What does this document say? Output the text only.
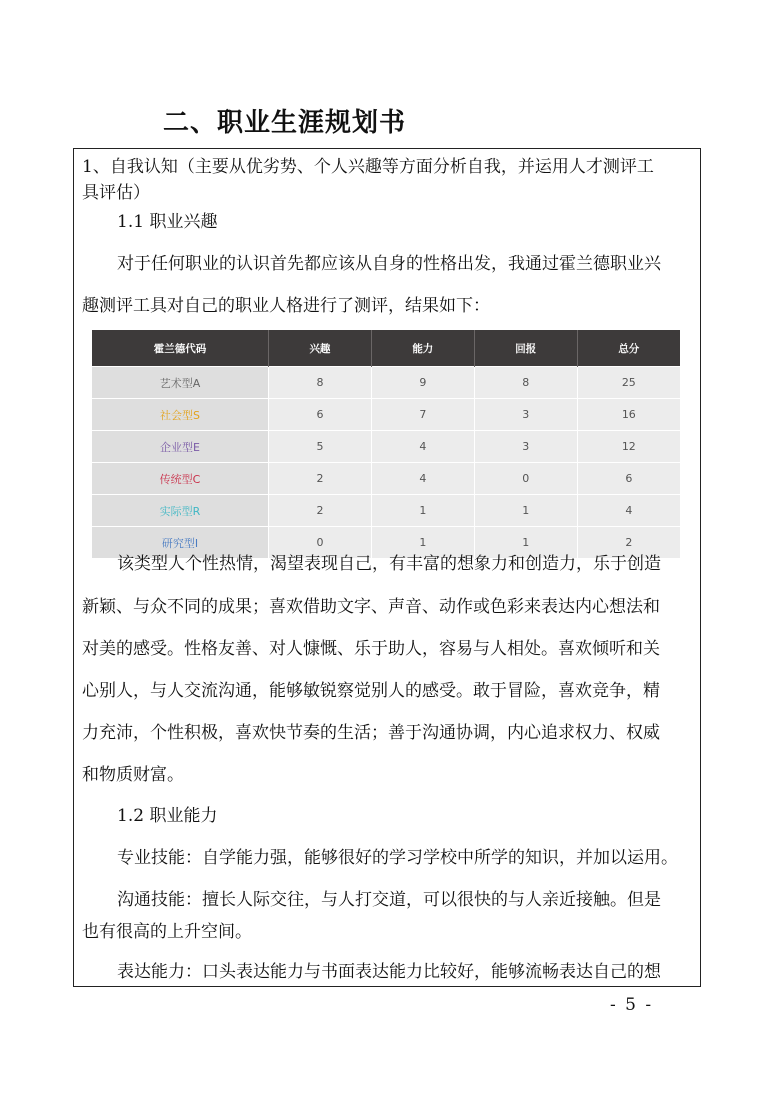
二、职业生涯规划书
1、自我认知（主要从优劣势、个人兴趣等方面分析自我，并运用人才测评工
具评估）
1.1 职业兴趣
对于任何职业的认识首先都应该从自身的性格出发，我通过霍兰德职业兴
趣测评工具对自己的职业人格进行了测评，结果如下：
霍兰德代码	兴趣	能力	回报	总分
艺术型A	8	9	8	25
社会型S	6	7	3	16
企业型E	5	4	3	12
传统型C	2	4	0	6
实际型R	2	1	1	4
研究型I	0	1	1	2
该类型人个性热情，渴望表现自己，有丰富的想象力和创造力，乐于创造
新颖、与众不同的成果；喜欢借助文字、声音、动作或色彩来表达内心想法和
对美的感受。性格友善、对人慷慨、乐于助人，容易与人相处。喜欢倾听和关
心别人，与人交流沟通，能够敏锐察觉别人的感受。敢于冒险，喜欢竞争，精
力充沛，个性积极，喜欢快节奏的生活；善于沟通协调，内心追求权力、权威
和物质财富。
1.2 职业能力
专业技能：自学能力强，能够很好的学习学校中所学的知识，并加以运用。
沟通技能：擅长人际交往，与人打交道，可以很快的与人亲近接触。但是
也有很高的上升空间。
表达能力：口头表达能力与书面表达能力比较好，能够流畅表达自己的想
- 5 -
